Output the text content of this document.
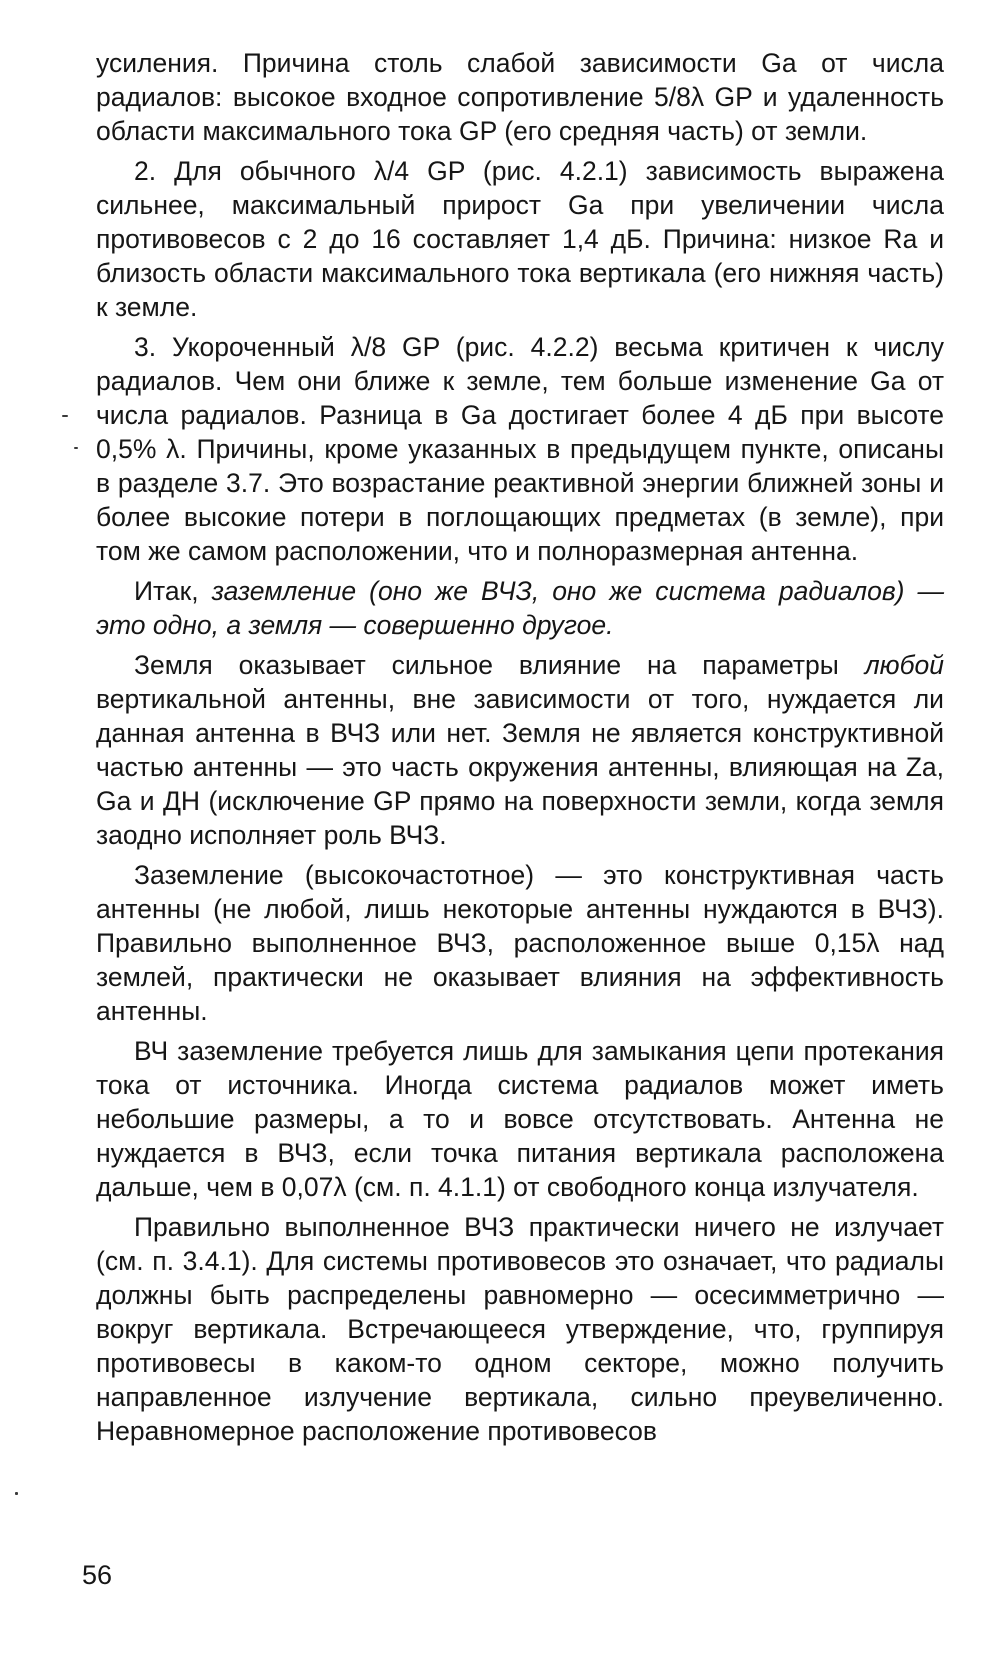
усиления. Причина столь слабой зависимости Ga от числа радиалов: высокое входное сопротивление 5/8λ GP и удаленность области максимального тока GP (его средняя часть) от земли.

2. Для обычного λ/4 GP (рис. 4.2.1) зависимость выражена сильнее, максимальный прирост Ga при увеличении числа противовесов с 2 до 16 составляет 1,4 дБ. Причина: низкое Ra и близость области максимального тока вертикала (его нижняя часть) к земле.

3. Укороченный λ/8 GP (рис. 4.2.2) весьма критичен к числу радиалов. Чем они ближе к земле, тем больше изменение Ga от числа радиалов. Разница в Ga достигает более 4 дБ при высоте 0,5% λ. Причины, кроме указанных в предыдущем пункте, описаны в разделе 3.7. Это возрастание реактивной энергии ближней зоны и более высокие потери в поглощающих предметах (в земле), при том же самом расположении, что и полноразмерная антенна.

Итак, заземление (оно же ВЧЗ, оно же система радиалов) — это одно, а земля — совершенно другое.

Земля оказывает сильное влияние на параметры любой вертикальной антенны, вне зависимости от того, нуждается ли данная антенна в ВЧЗ или нет. Земля не является конструктивной частью антенны — это часть окружения антенны, влияющая на Za, Ga и ДН (исключение GP прямо на поверхности земли, когда земля заодно исполняет роль ВЧЗ.

Заземление (высокочастотное) — это конструктивная часть антенны (не любой, лишь некоторые антенны нуждаются в ВЧЗ). Правильно выполненное ВЧЗ, расположенное выше 0,15λ над землей, практически не оказывает влияния на эффективность антенны.

ВЧ заземление требуется лишь для замыкания цепи протекания тока от источника. Иногда система радиалов может иметь небольшие размеры, а то и вовсе отсутствовать. Антенна не нуждается в ВЧЗ, если точка питания вертикала расположена дальше, чем в 0,07λ (см. п. 4.1.1) от свободного конца излучателя.

Правильно выполненное ВЧЗ практически ничего не излучает (см. п. 3.4.1). Для системы противовесов это означает, что радиалы должны быть распределены равномерно — осесимметрично — вокруг вертикала. Встречающееся утверждение, что, группируя противовесы в каком-то одном секторе, можно получить направленное излучение вертикала, сильно преувеличенно. Неравномерное расположение противовесов

56
